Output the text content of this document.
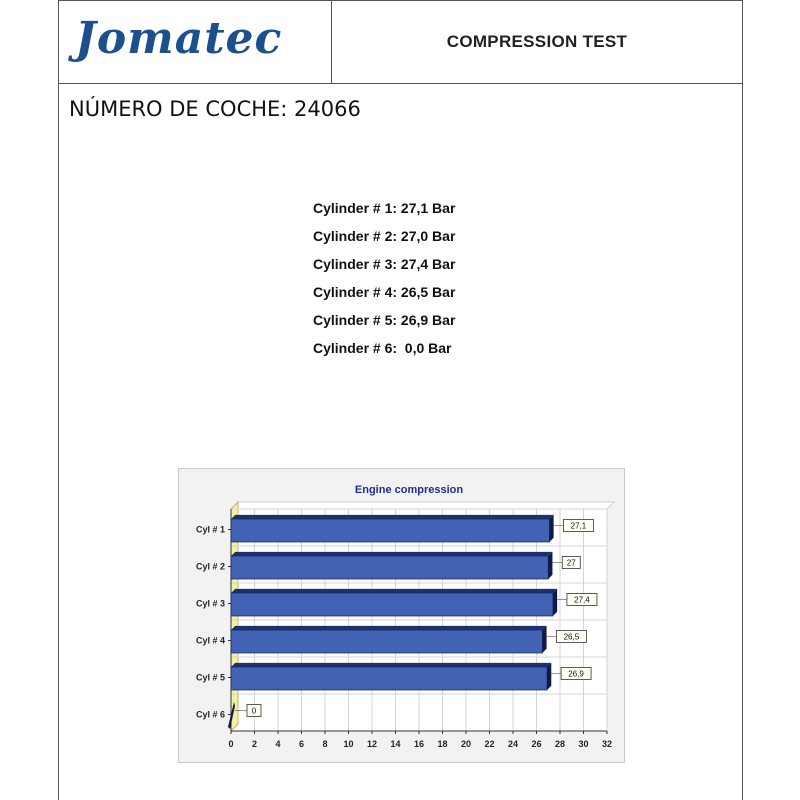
Jomatec	COMPRESSION TEST
NÚMERO DE COCHE: 24066
Cylinder # 1: 27,1 Bar
Cylinder # 2: 27,0 Bar
Cylinder # 3: 27,4 Bar
Cylinder # 4: 26,5 Bar
Cylinder # 5: 26,9 Bar
Cylinder # 6:  0,0 Bar
Engine compression
0 2 4 6 8 10 12 14 16 18 20 22 24 26 28 30 32
Cyl # 1	27,1
Cyl # 2	27
Cyl # 3	27,4
Cyl # 4	26,5
Cyl # 5	26,9
Cyl # 6	0
